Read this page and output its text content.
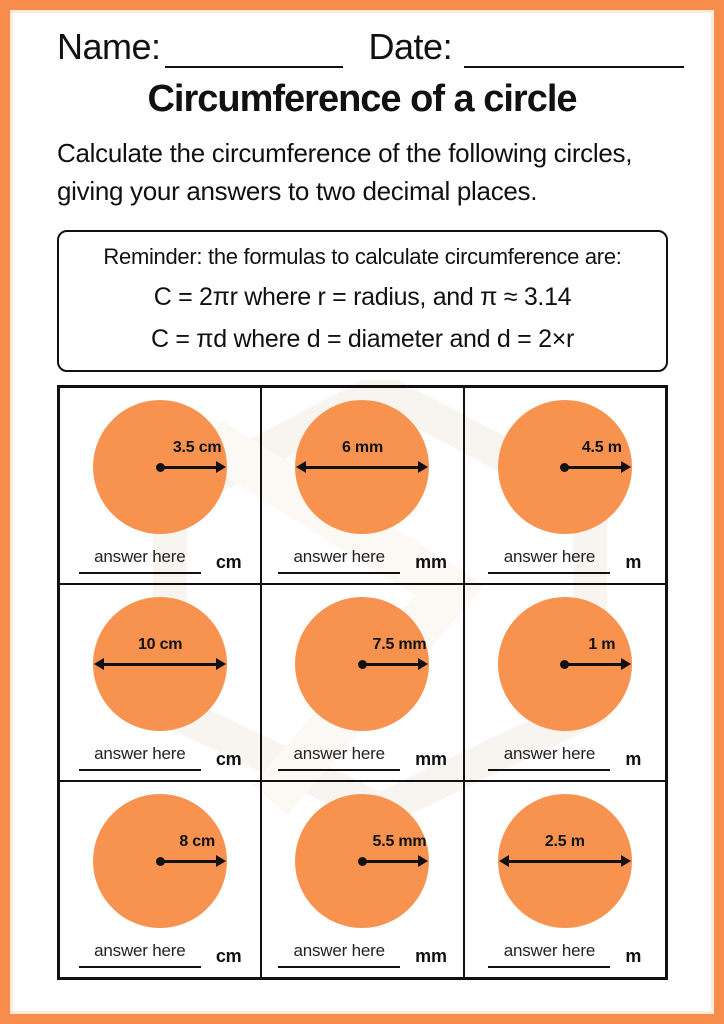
Name:	Date:
Circumference of a circle
Calculate the circumference of the following circles, giving your answers to two decimal places.
Reminder: the formulas to calculate circumference are:
C = 2πr where r = radius, and π ≈ 3.14
C = πd where d = diameter and d = 2×r
3.5 cm
answer here cm
6 mm
answer here mm
4.5 m
answer here m
10 cm
answer here cm
7.5 mm
answer here mm
1 m
answer here m
8 cm
answer here cm
5.5 mm
answer here mm
2.5 m
answer here m
